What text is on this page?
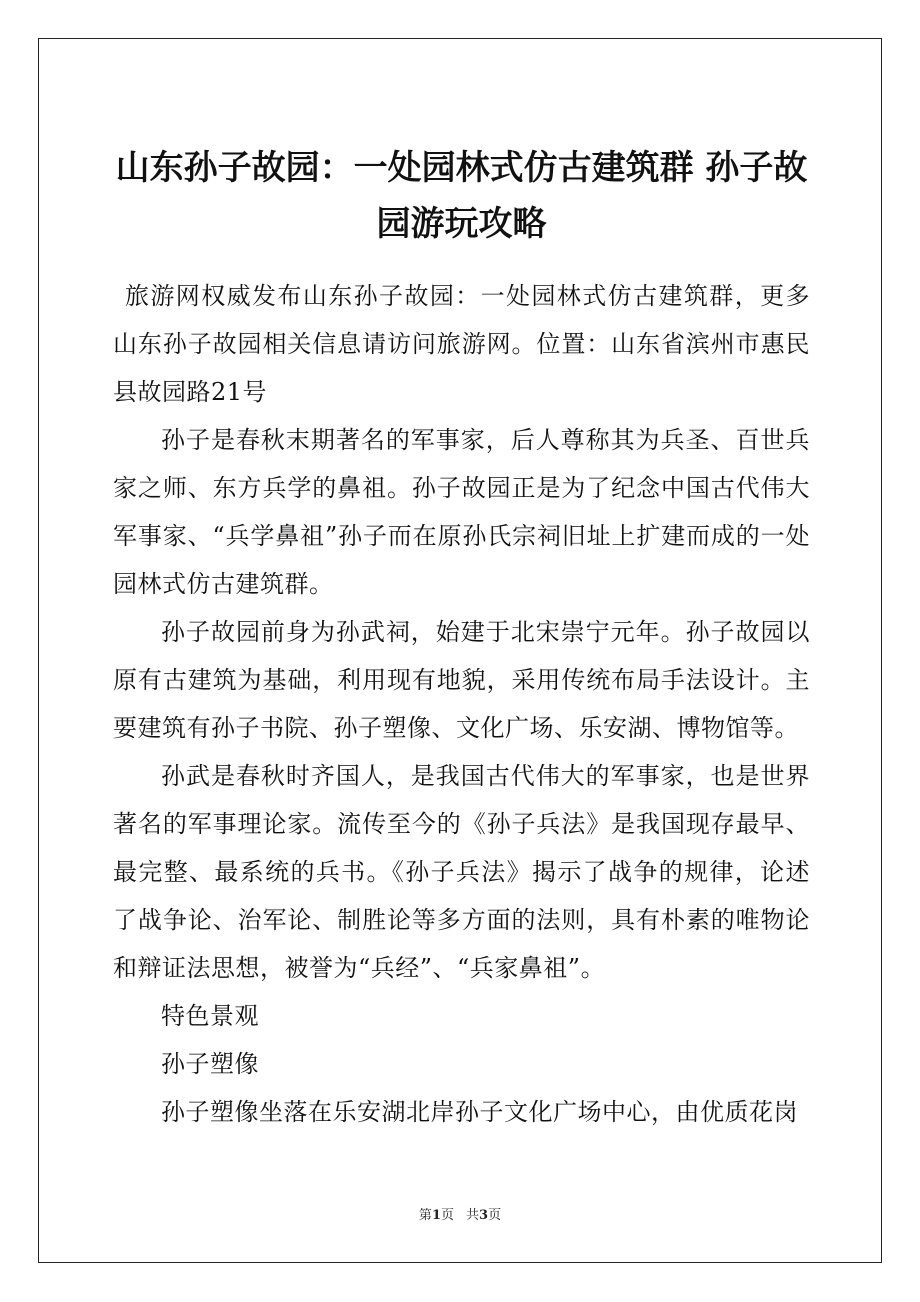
山东孙子故园：一处园林式仿古建筑群 孙子故园游玩攻略

旅游网权威发布山东孙子故园：一处园林式仿古建筑群，更多山东孙子故园相关信息请访问旅游网。位置：山东省滨州市惠民县故园路21号

孙子是春秋末期著名的军事家，后人尊称其为兵圣、百世兵家之师、东方兵学的鼻祖。孙子故园正是为了纪念中国古代伟大军事家、“兵学鼻祖”孙子而在原孙氏宗祠旧址上扩建而成的一处园林式仿古建筑群。

孙子故园前身为孙武祠，始建于北宋崇宁元年。孙子故园以原有古建筑为基础，利用现有地貌，采用传统布局手法设计。主要建筑有孙子书院、孙子塑像、文化广场、乐安湖、博物馆等。

孙武是春秋时齐国人，是我国古代伟大的军事家，也是世界著名的军事理论家。流传至今的《孙子兵法》是我国现存最早、最完整、最系统的兵书。《孙子兵法》揭示了战争的规律，论述了战争论、治军论、制胜论等多方面的法则，具有朴素的唯物论和辩证法思想，被誉为“兵经”、“兵家鼻祖”。

特色景观

孙子塑像

孙子塑像坐落在乐安湖北岸孙子文化广场中心，由优质花岗

第1页 共3页
